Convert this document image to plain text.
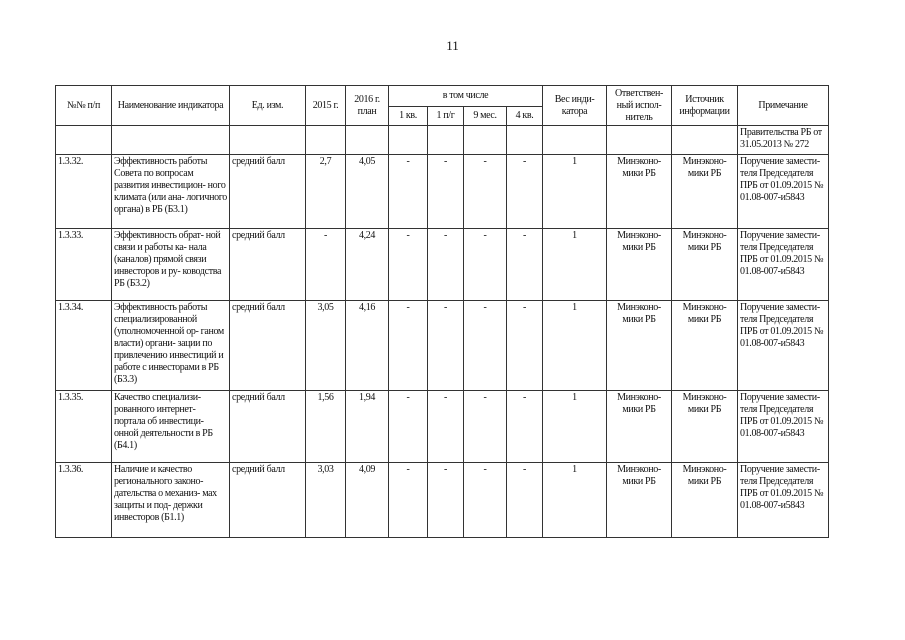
11
№№ п/п	Наименование индикатора	Ед. изм.	2015 г.	2016 г. план	в том числе				Вес инди- катора	Ответствен- ный испол- нитель	Источник информации	Примечание
					1 кв.	1 п/г	9 мес.	4 кв.				
												Правительства РБ от 31.05.2013 № 272
1.3.32.	Эффективность работы Совета по вопросам развития инвестицион- ного климата (или ана- логичного органа) в РБ (Б3.1)	средний балл	2,7	4,05	-	-	-	-	1	Минэконо- мики РБ	Минэконо- мики РБ	Поручение замести- теля Председателя ПРБ от 01.09.2015 № 01.08-007-и5843
1.3.33.	Эффективность обрат- ной связи и работы ка- нала (каналов) прямой связи инвесторов и ру- ководства РБ (Б3.2)	средний балл	-	4,24	-	-	-	-	1	Минэконо- мики РБ	Минэконо- мики РБ	Поручение замести- теля Председателя ПРБ от 01.09.2015 № 01.08-007-и5843
1.3.34.	Эффективность работы специализированной (уполномоченной ор- ганом власти) органи- зации по привлечению инвестиций и работе с инвесторами в РБ (Б3.3)	средний балл	3,05	4,16	-	-	-	-	1	Минэконо- мики РБ	Минэконо- мики РБ	Поручение замести- теля Председателя ПРБ от 01.09.2015 № 01.08-007-и5843
1.3.35.	Качество специализи- рованного интернет- портала об инвестици- онной деятельности в РБ (Б4.1)	средний балл	1,56	1,94	-	-	-	-	1	Минэконо- мики РБ	Минэконо- мики РБ	Поручение замести- теля Председателя ПРБ от 01.09.2015 № 01.08-007-и5843
1.3.36.	Наличие и качество регионального законо- дательства о механиз- мах защиты и под- держки инвесторов (Б1.1)	средний балл	3,03	4,09	-	-	-	-	1	Минэконо- мики РБ	Минэконо- мики РБ	Поручение замести- теля Председателя ПРБ от 01.09.2015 № 01.08-007-и5843
